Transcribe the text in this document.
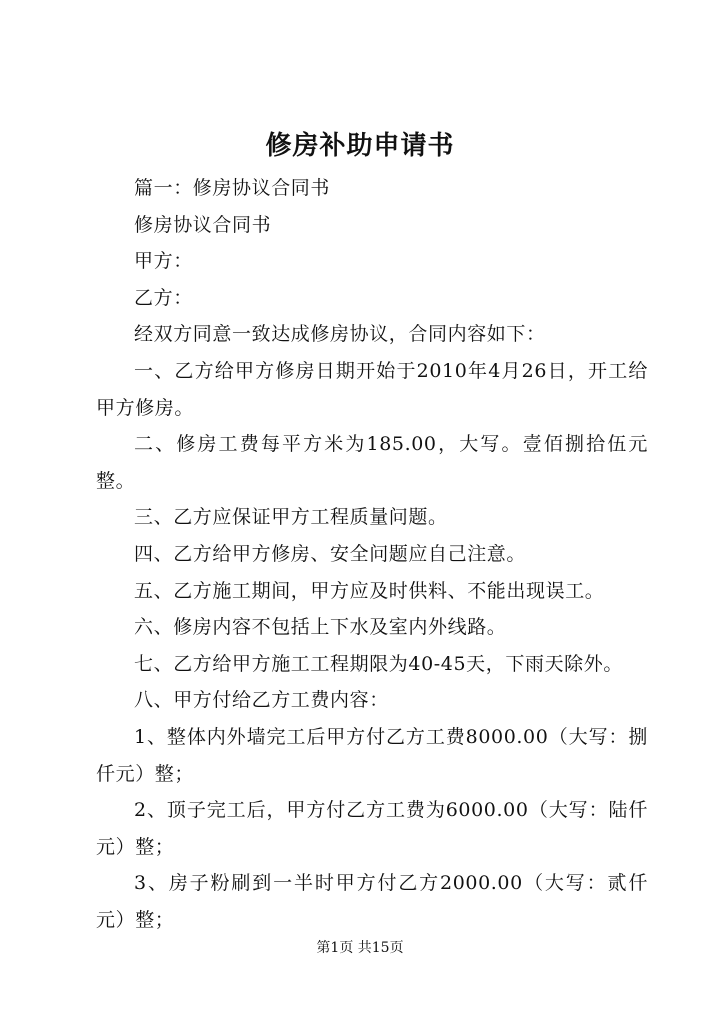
修房补助申请书

篇一：修房协议合同书

修房协议合同书

甲方：

乙方：

经双方同意一致达成修房协议，合同内容如下：

一、乙方给甲方修房日期开始于2010年4月26日，开工给甲方修房。

二、修房工费每平方米为185.00，大写。壹佰捌拾伍元整。

三、乙方应保证甲方工程质量问题。

四、乙方给甲方修房、安全问题应自己注意。

五、乙方施工期间，甲方应及时供料、不能出现误工。

六、修房内容不包括上下水及室内外线路。

七、乙方给甲方施工工程期限为40-45天，下雨天除外。

八、甲方付给乙方工费内容：

1、整体内外墙完工后甲方付乙方工费8000.00（大写：捌仟元）整；

2、顶子完工后，甲方付乙方工费为6000.00（大写：陆仟元）整；

3、房子粉刷到一半时甲方付乙方2000.00（大写：贰仟元）整；

第1页 共15页
